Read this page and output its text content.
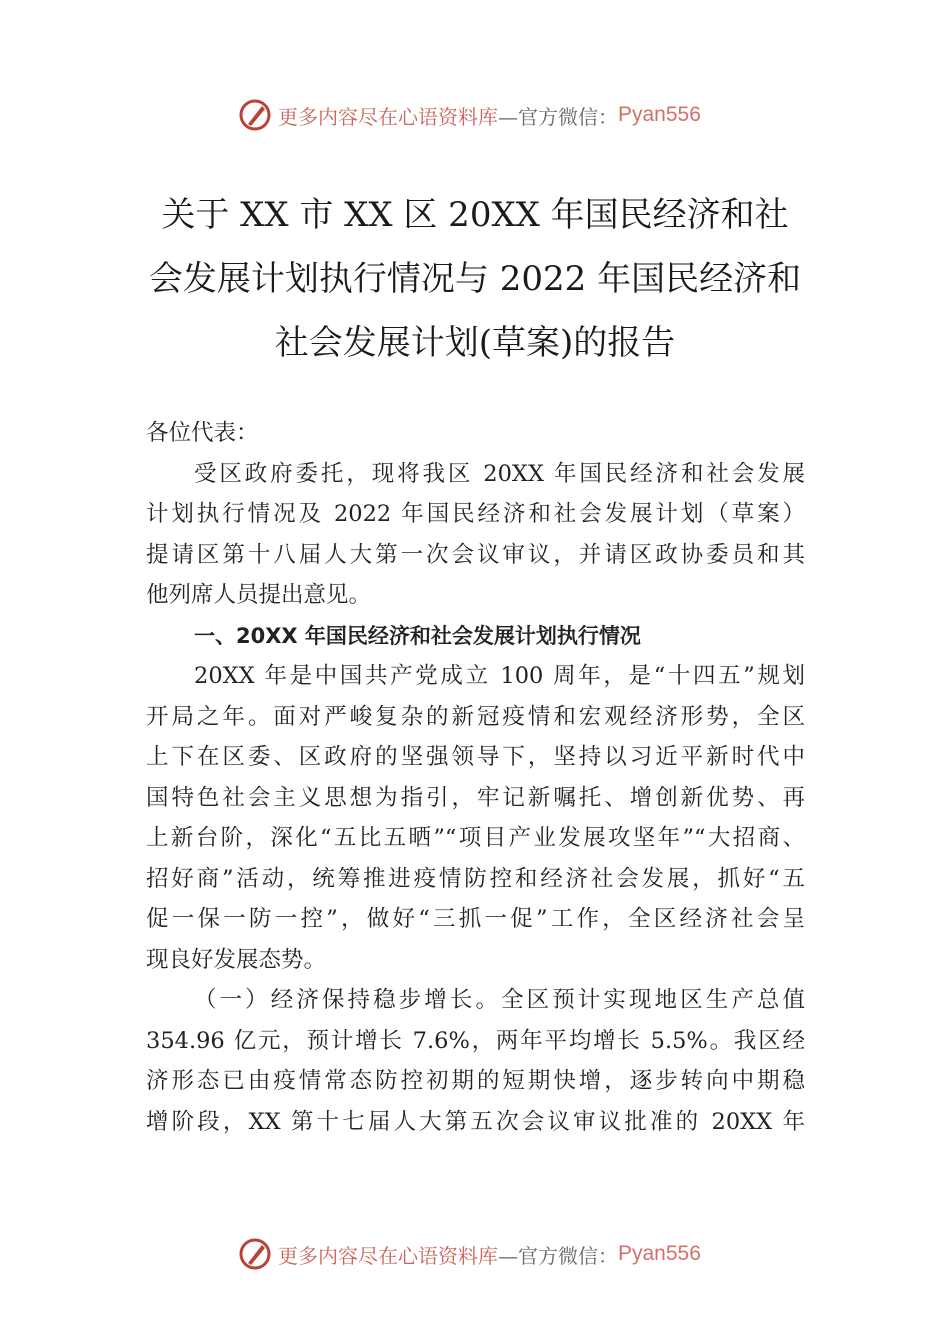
更多内容尽在心语资料库 —官方微信： Pyan556
关于 XX 市 XX 区 20XX 年国民经济和社
会发展计划执行情况与 2022 年国民经济和
社会发展计划(草案)的报告
各位代表：
受区政府委托，现将我区 20XX 年国民经济和社会发展
计划执行情况及 2022 年国民经济和社会发展计划（草案）
提请区第十八届人大第一次会议审议，并请区政协委员和其
他列席人员提出意见。
一、20XX 年国民经济和社会发展计划执行情况
20XX 年是中国共产党成立 100 周年，是“十四五”规划
开局之年。面对严峻复杂的新冠疫情和宏观经济形势，全区
上下在区委、区政府的坚强领导下，坚持以习近平新时代中
国特色社会主义思想为指引，牢记新嘱托、增创新优势、再
上新台阶，深化“五比五晒”“项目产业发展攻坚年”“大招商、
招好商”活动，统筹推进疫情防控和经济社会发展，抓好“五
促一保一防一控”，做好“三抓一促”工作，全区经济社会呈
现良好发展态势。
（一）经济保持稳步增长。全区预计实现地区生产总值
354.96 亿元，预计增长 7.6%，两年平均增长 5.5%。我区经
济形态已由疫情常态防控初期的短期快增，逐步转向中期稳
增阶段，XX 第十七届人大第五次会议审议批准的 20XX 年
更多内容尽在心语资料库 —官方微信： Pyan556
